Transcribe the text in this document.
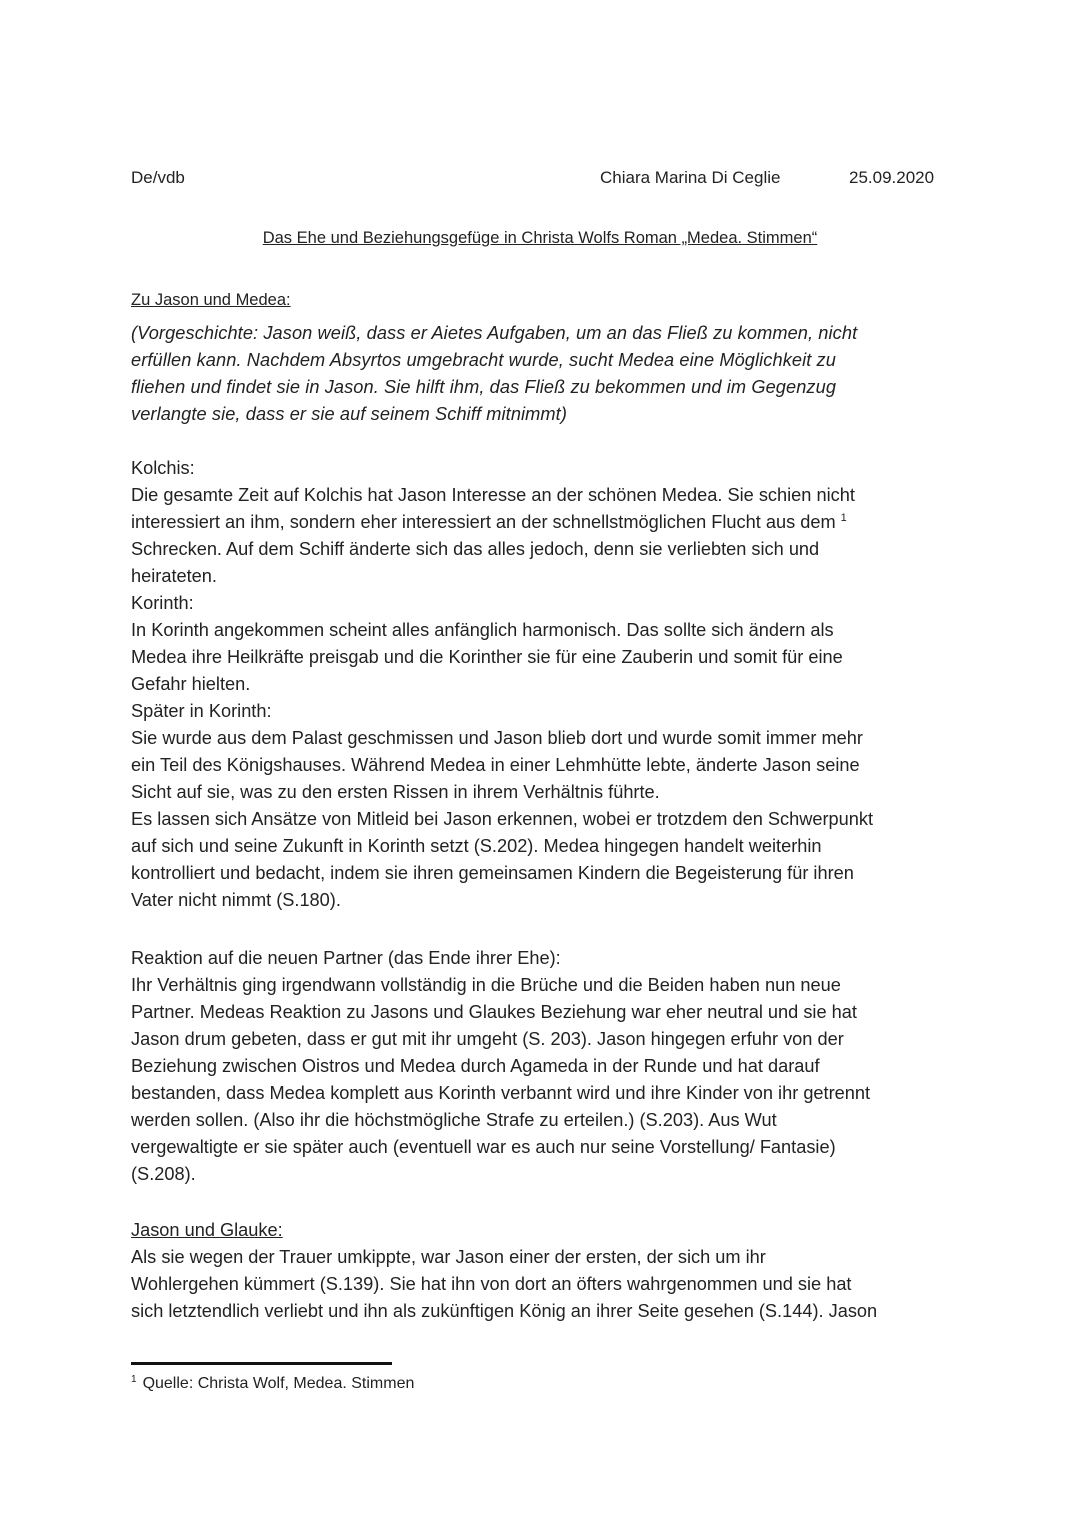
De/vdb	Chiara Marina Di Ceglie	25.09.2020
Das Ehe und Beziehungsgefüge in Christa Wolfs Roman „Medea. Stimmen“
Zu Jason und Medea:
(Vorgeschichte: Jason weiß, dass er Aietes Aufgaben, um an das Fließ zu kommen, nicht
erfüllen kann. Nachdem Absyrtos umgebracht wurde, sucht Medea eine Möglichkeit zu
fliehen und findet sie in Jason. Sie hilft ihm, das Fließ zu bekommen und im Gegenzug
verlangte sie, dass er sie auf seinem Schiff mitnimmt)
Kolchis:
Die gesamte Zeit auf Kolchis hat Jason Interesse an der schönen Medea. Sie schien nicht
interessiert an ihm, sondern eher interessiert an der schnellstmöglichen Flucht aus dem $^1$
Schrecken. Auf dem Schiff änderte sich das alles jedoch, denn sie verliebten sich und
heirateten.
Korinth:
In Korinth angekommen scheint alles anfänglich harmonisch. Das sollte sich ändern als
Medea ihre Heilkräfte preisgab und die Korinther sie für eine Zauberin und somit für eine
Gefahr hielten.
Später in Korinth:
Sie wurde aus dem Palast geschmissen und Jason blieb dort und wurde somit immer mehr
ein Teil des Königshauses. Während Medea in einer Lehmhütte lebte, änderte Jason seine
Sicht auf sie, was zu den ersten Rissen in ihrem Verhältnis führte.
Es lassen sich Ansätze von Mitleid bei Jason erkennen, wobei er trotzdem den Schwerpunkt
auf sich und seine Zukunft in Korinth setzt (S.202). Medea hingegen handelt weiterhin
kontrolliert und bedacht, indem sie ihren gemeinsamen Kindern die Begeisterung für ihren
Vater nicht nimmt (S.180).
Reaktion auf die neuen Partner (das Ende ihrer Ehe):
Ihr Verhältnis ging irgendwann vollständig in die Brüche und die Beiden haben nun neue
Partner. Medeas Reaktion zu Jasons und Glaukes Beziehung war eher neutral und sie hat
Jason drum gebeten, dass er gut mit ihr umgeht (S. 203). Jason hingegen erfuhr von der
Beziehung zwischen Oistros und Medea durch Agameda in der Runde und hat darauf
bestanden, dass Medea komplett aus Korinth verbannt wird und ihre Kinder von ihr getrennt
werden sollen. (Also ihr die höchstmögliche Strafe zu erteilen.) (S.203). Aus Wut
vergewaltigte er sie später auch (eventuell war es auch nur seine Vorstellung/ Fantasie)
(S.208).
Jason und Glauke:
Als sie wegen der Trauer umkippte, war Jason einer der ersten, der sich um ihr
Wohlergehen kümmert (S.139). Sie hat ihn von dort an öfters wahrgenommen und sie hat
sich letztendlich verliebt und ihn als zukünftigen König an ihrer Seite gesehen (S.144). Jason
$^1$ Quelle: Christa Wolf, Medea. Stimmen
